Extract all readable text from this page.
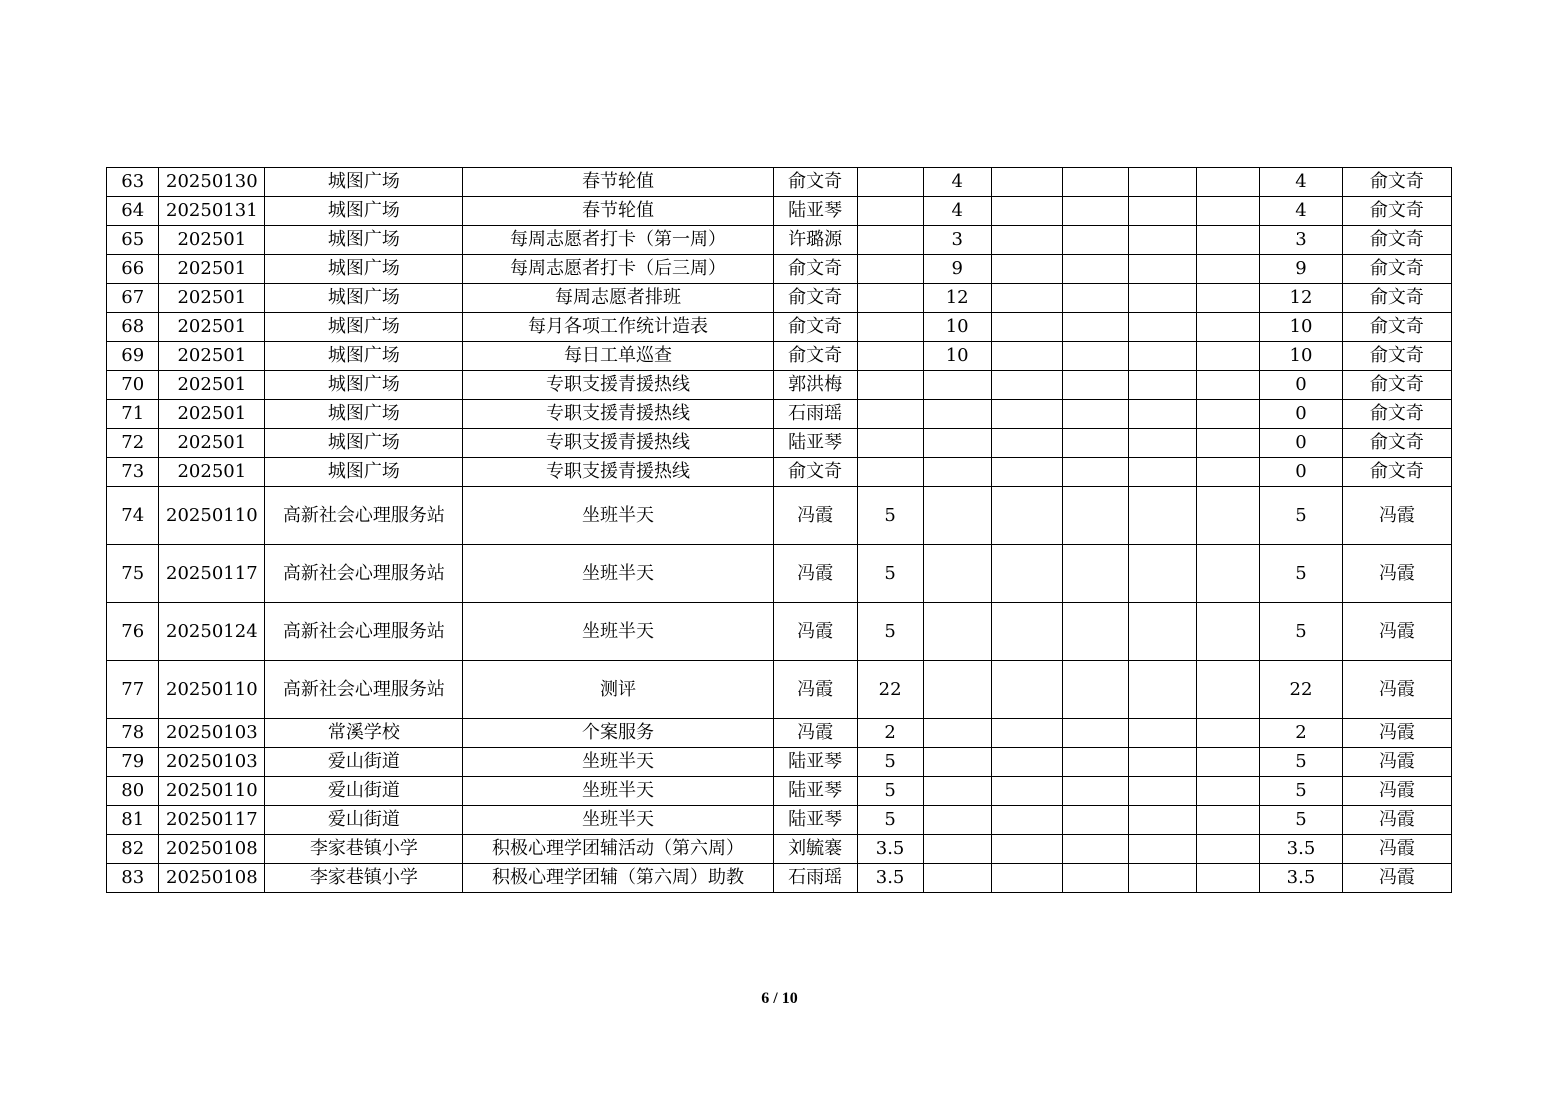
63	20250130	城图广场	春节轮值	俞文奇		4					4	俞文奇
64	20250131	城图广场	春节轮值	陆亚琴		4					4	俞文奇
65	202501	城图广场	每周志愿者打卡（第一周）	许璐源		3					3	俞文奇
66	202501	城图广场	每周志愿者打卡（后三周）	俞文奇		9					9	俞文奇
67	202501	城图广场	每周志愿者排班	俞文奇		12					12	俞文奇
68	202501	城图广场	每月各项工作统计造表	俞文奇		10					10	俞文奇
69	202501	城图广场	每日工单巡查	俞文奇		10					10	俞文奇
70	202501	城图广场	专职支援青援热线	郭洪梅							0	俞文奇
71	202501	城图广场	专职支援青援热线	石雨瑶							0	俞文奇
72	202501	城图广场	专职支援青援热线	陆亚琴							0	俞文奇
73	202501	城图广场	专职支援青援热线	俞文奇							0	俞文奇
74	20250110	高新社会心理服务站	坐班半天	冯霞	5						5	冯霞
75	20250117	高新社会心理服务站	坐班半天	冯霞	5						5	冯霞
76	20250124	高新社会心理服务站	坐班半天	冯霞	5						5	冯霞
77	20250110	高新社会心理服务站	测评	冯霞	22						22	冯霞
78	20250103	常溪学校	个案服务	冯霞	2						2	冯霞
79	20250103	爱山街道	坐班半天	陆亚琴	5						5	冯霞
80	20250110	爱山街道	坐班半天	陆亚琴	5						5	冯霞
81	20250117	爱山街道	坐班半天	陆亚琴	5						5	冯霞
82	20250108	李家巷镇小学	积极心理学团辅活动（第六周）	刘毓褰	3.5						3.5	冯霞
83	20250108	李家巷镇小学	积极心理学团辅（第六周）助教	石雨瑶	3.5						3.5	冯霞
6 / 10
